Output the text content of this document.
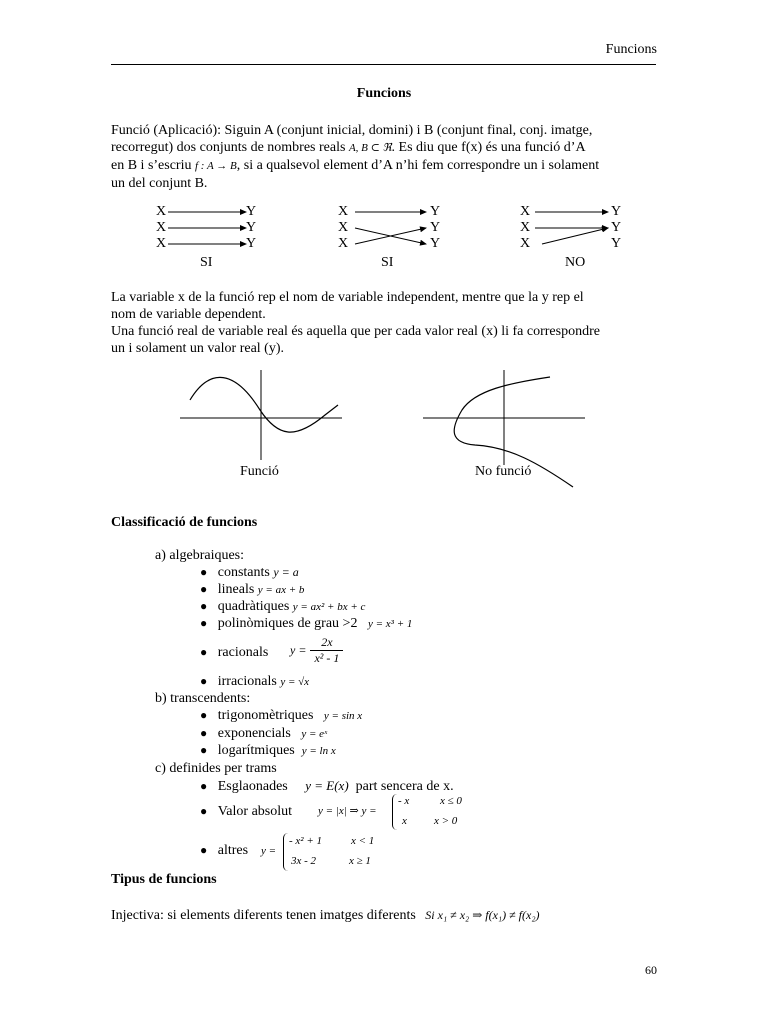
Funcions
Funcions
Funció (Aplicació): Siguin A (conjunt inicial, domini) i B (conjunt final, conj. imatge,
recorregut) dos conjunts de nombres reals A, B ⊂ ℜ. Es diu que f(x) és una funció d’A
en B i s’escriu f : A → B, si a qualsevol element d’A n’hi fem correspondre un i solament
un del conjunt B.
X
X
X
Y
Y
Y
SI
X
X
X
Y
Y
Y
SI
X
X
X
Y
Y
Y
NO
La variable x de la funció rep el nom de variable independent, mentre que la y rep el
nom de variable dependent.
Una funció real de variable real és aquella que per cada valor real (x) li fa correspondre
un i solament un valor real (y).
Funció	No funció
Classificació de funcions
a) algebraiques:
● constants y = a
● lineals y = ax + b
● quadràtiques y = ax² + bx + c
● polinòmiques de grau >2 y = x³ + 1
● racionals $y = \frac{2x}{\text{x² - 1}}$
● irracionals y = √x
b) transcendents:
● trigonomètriques y = sin x
● exponencials y = eˣ
● logarítmiques y = ln x
c) definides per trams
● Esglaonades y = E(x) part sencera de x.
● Valor absolut y = |x| ⇒ y =
- x	x ≤ 0
x x > 0
● altres y =
- x² + 1	x < 1
3x - 2	x ≥ 1
Tipus de funcions
Injectiva: si elements diferents tenen imatges diferents Si x₁ ≠ x₂ ⇒ f(x₁) ≠ f(x₂)
60
